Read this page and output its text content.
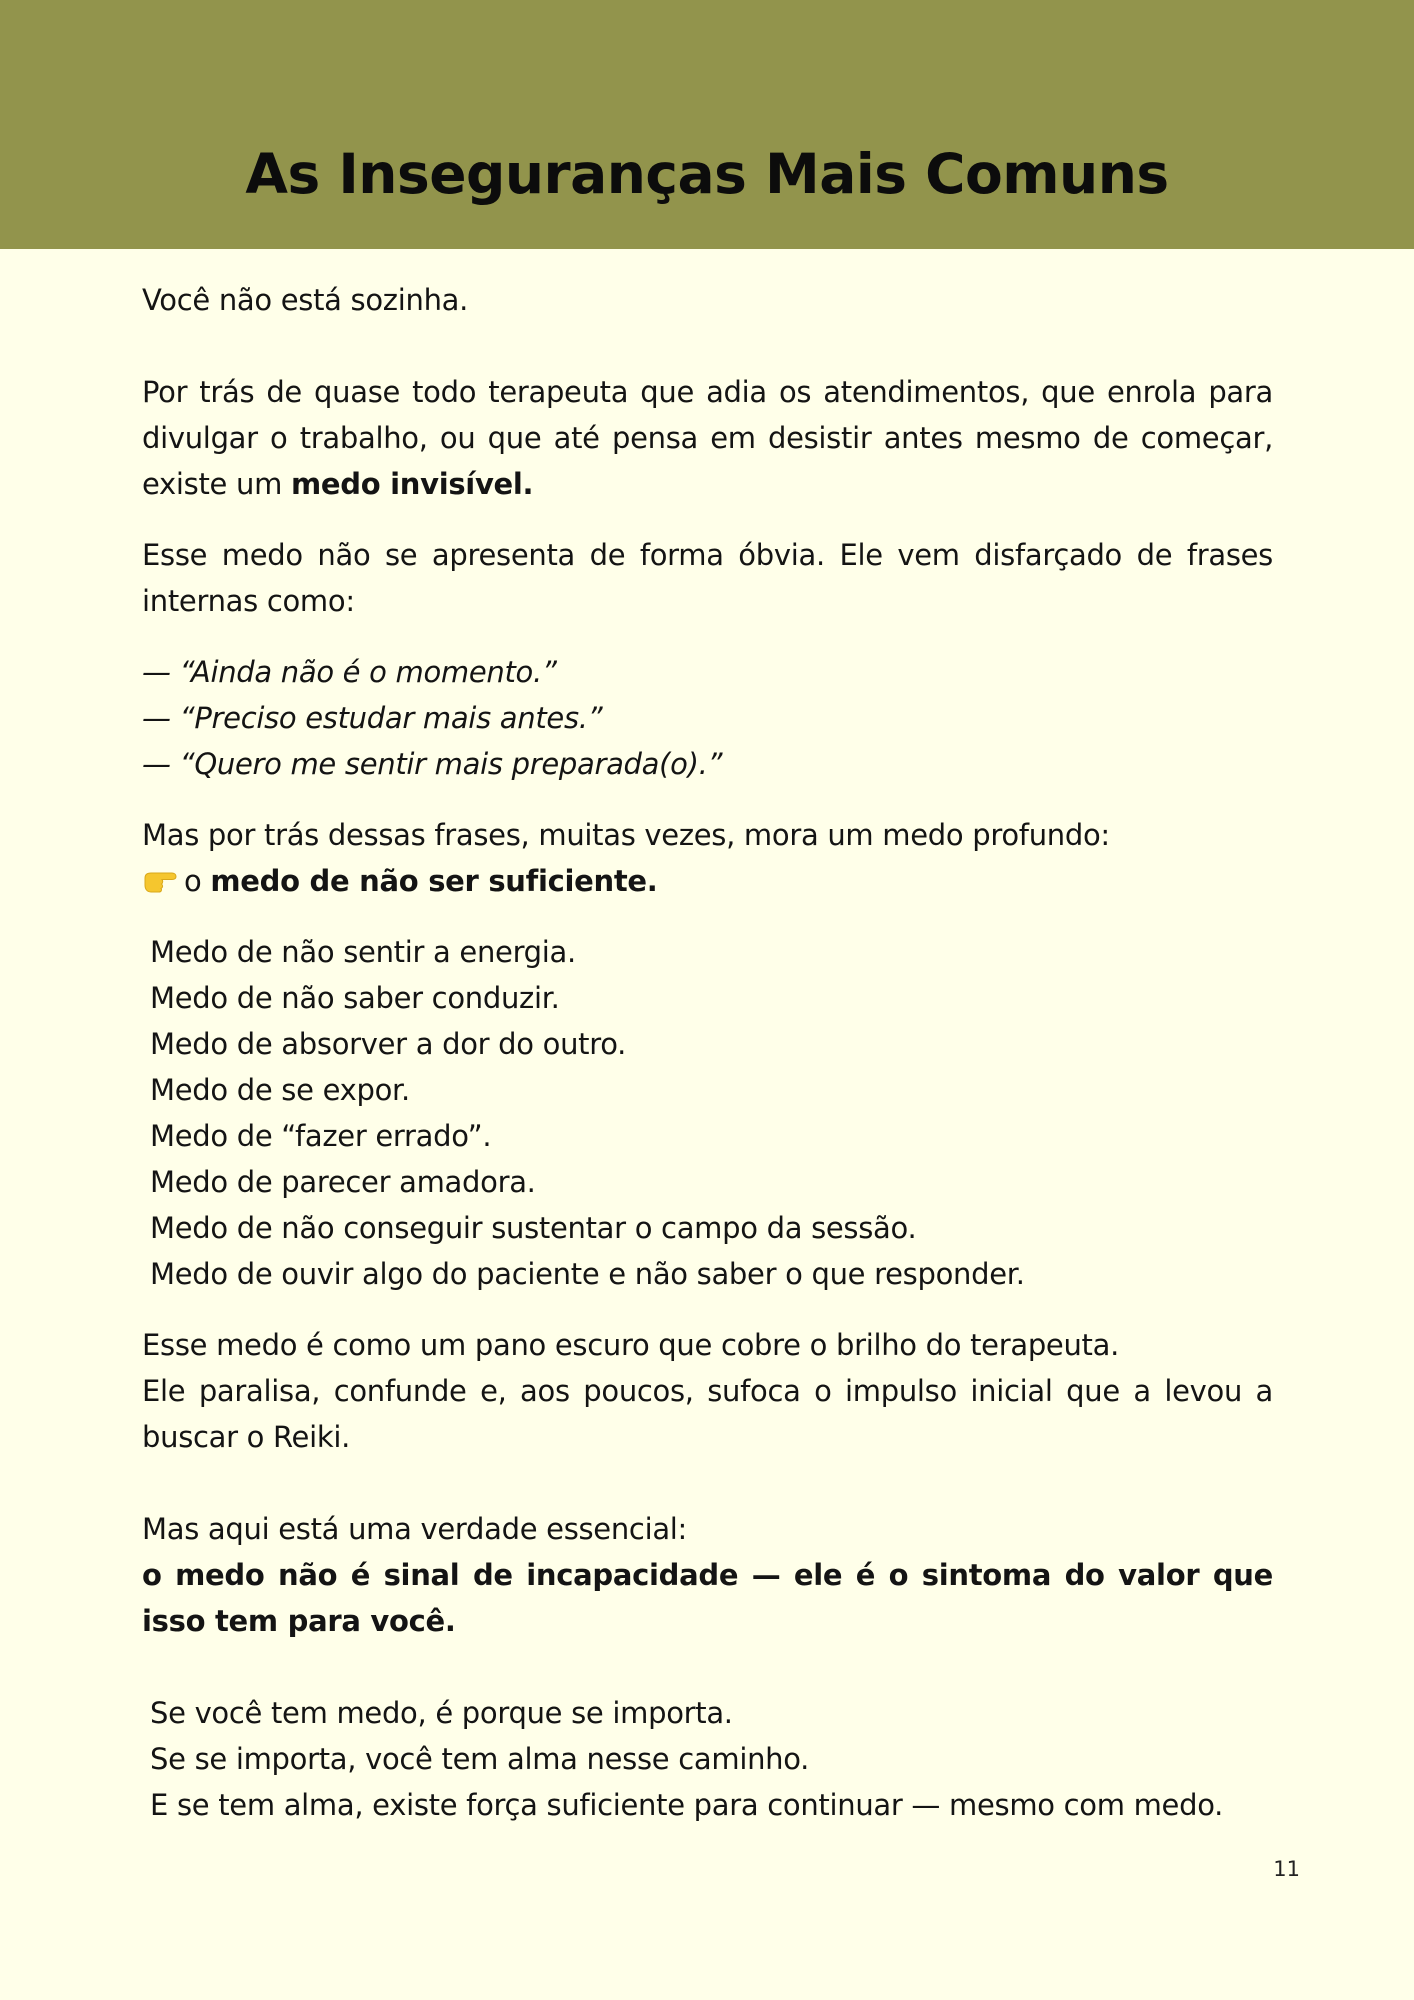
As Inseguranças Mais Comuns

Você não está sozinha.

Por trás de quase todo terapeuta que adia os atendimentos, que enrola para divulgar o trabalho, ou que até pensa em desistir antes mesmo de começar, existe um medo invisível.

Esse medo não se apresenta de forma óbvia. Ele vem disfarçado de frases internas como:

— “Ainda não é o momento.”

— “Preciso estudar mais antes.”

— “Quero me sentir mais preparada(o).”

Mas por trás dessas frases, muitas vezes, mora um medo profundo:

o medo de não ser suficiente.

Medo de não sentir a energia.

Medo de não saber conduzir.

Medo de absorver a dor do outro.

Medo de se expor.

Medo de “fazer errado”.

Medo de parecer amadora.

Medo de não conseguir sustentar o campo da sessão.

Medo de ouvir algo do paciente e não saber o que responder.

Esse medo é como um pano escuro que cobre o brilho do terapeuta.

Ele paralisa, confunde e, aos poucos, sufoca o impulso inicial que a levou a buscar o Reiki.

Mas aqui está uma verdade essencial:

o medo não é sinal de incapacidade — ele é o sintoma do valor que isso tem para você.

Se você tem medo, é porque se importa.

Se se importa, você tem alma nesse caminho.

E se tem alma, existe força suficiente para continuar — mesmo com medo.

11
